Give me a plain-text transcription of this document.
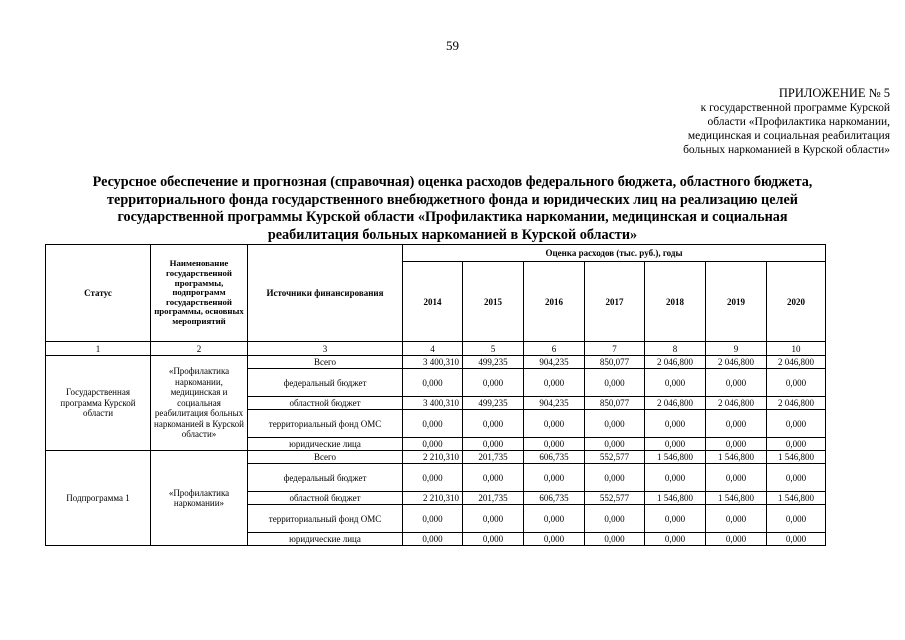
59
ПРИЛОЖЕНИЕ № 5
к государственной программе Курской
области «Профилактика наркомании,
медицинская и социальная реабилитация
больных наркоманией в Курской области»
Ресурсное обеспечение и прогнозная (справочная) оценка расходов федерального бюджета, областного бюджета,
территориального фонда государственного внебюджетного фонда и юридических лиц на реализацию целей
государственной программы Курской области «Профилактика наркомании, медицинская и социальная
реабилитация больных наркоманией в Курской области»
Статус	Наименование государственной программы, подпрограмм государственной программы, основных мероприятий	Источники финансирования	Оценка расходов (тыс. руб.), годы						
			2014	2015	2016	2017	2018	2019	2020
1	2	3	4	5	6	7	8	9	10
Государственная программа Курской области	«Профилактика наркомании, медицинская и социальная реабилитация больных наркоманией в Курской области»	Всего	3 400,310	499,235	904,235	850,077	2 046,800	2 046,800	2 046,800
		федеральный бюджет	0,000	0,000	0,000	0,000	0,000	0,000	0,000
		областной бюджет	3 400,310	499,235	904,235	850,077	2 046,800	2 046,800	2 046,800
		территориальный фонд ОМС	0,000	0,000	0,000	0,000	0,000	0,000	0,000
		юридические лица	0,000	0,000	0,000	0,000	0,000	0,000	0,000
Подпрограмма 1	«Профилактика наркомании»	Всего	2 210,310	201,735	606,735	552,577	1 546,800	1 546,800	1 546,800
		федеральный бюджет	0,000	0,000	0,000	0,000	0,000	0,000	0,000
		областной бюджет	2 210,310	201,735	606,735	552,577	1 546,800	1 546,800	1 546,800
		территориальный фонд ОМС	0,000	0,000	0,000	0,000	0,000	0,000	0,000
		юридические лица	0,000	0,000	0,000	0,000	0,000	0,000	0,000
